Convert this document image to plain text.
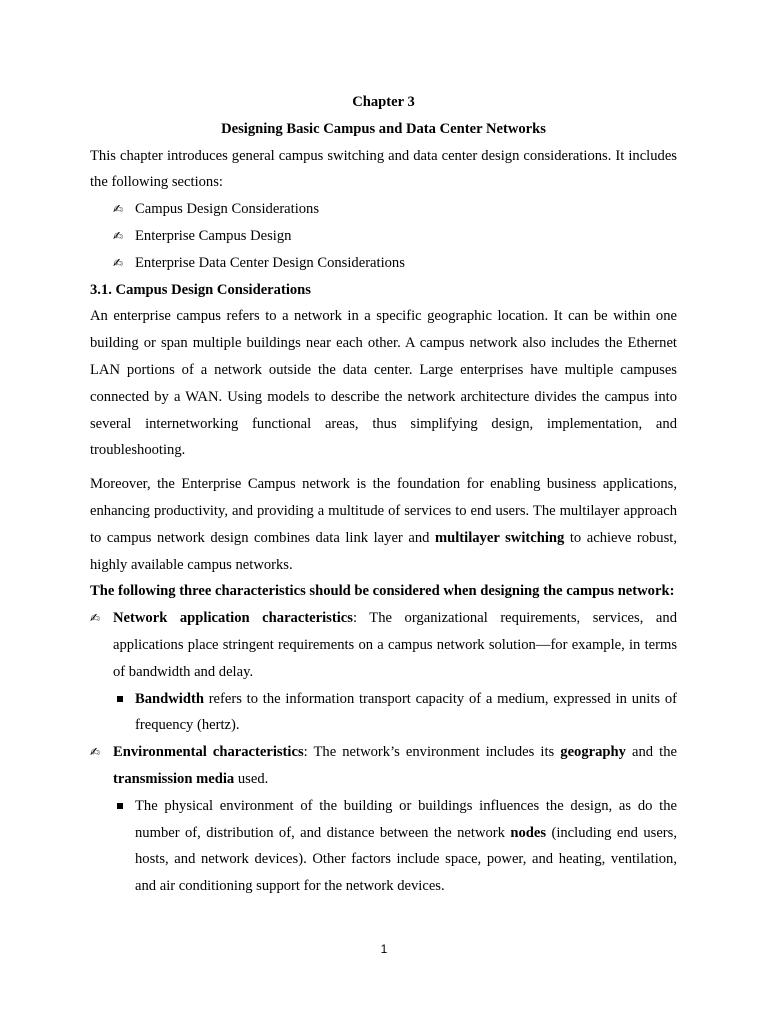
Chapter 3
Designing Basic Campus and Data Center Networks

This chapter introduces general campus switching and data center design considerations. It includes the following sections:

✍ Campus Design Considerations
✍ Enterprise Campus Design
✍ Enterprise Data Center Design Considerations
3.1. Campus Design Considerations

An enterprise campus refers to a network in a specific geographic location. It can be within one building or span multiple buildings near each other. A campus network also includes the Ethernet LAN portions of a network outside the data center. Large enterprises have multiple campuses connected by a WAN. Using models to describe the network architecture divides the campus into several internetworking functional areas, thus simplifying design, implementation, and troubleshooting.

Moreover, the Enterprise Campus network is the foundation for enabling business applications, enhancing productivity, and providing a multitude of services to end users. The multilayer approach to campus network design combines data link layer and multilayer switching to achieve robust, highly available campus networks.

The following three characteristics should be considered when designing the campus network:

✍ Network application characteristics: The organizational requirements, services, and applications place stringent requirements on a campus network solution—for example, in terms of bandwidth and delay.
Bandwidth refers to the information transport capacity of a medium, expressed in units of frequency (hertz).
✍ Environmental characteristics: The network’s environment includes its geography and the transmission media used.
The physical environment of the building or buildings influences the design, as do the number of, distribution of, and distance between the network nodes (including end users, hosts, and network devices). Other factors include space, power, and heating, ventilation, and air conditioning support for the network devices.
1
